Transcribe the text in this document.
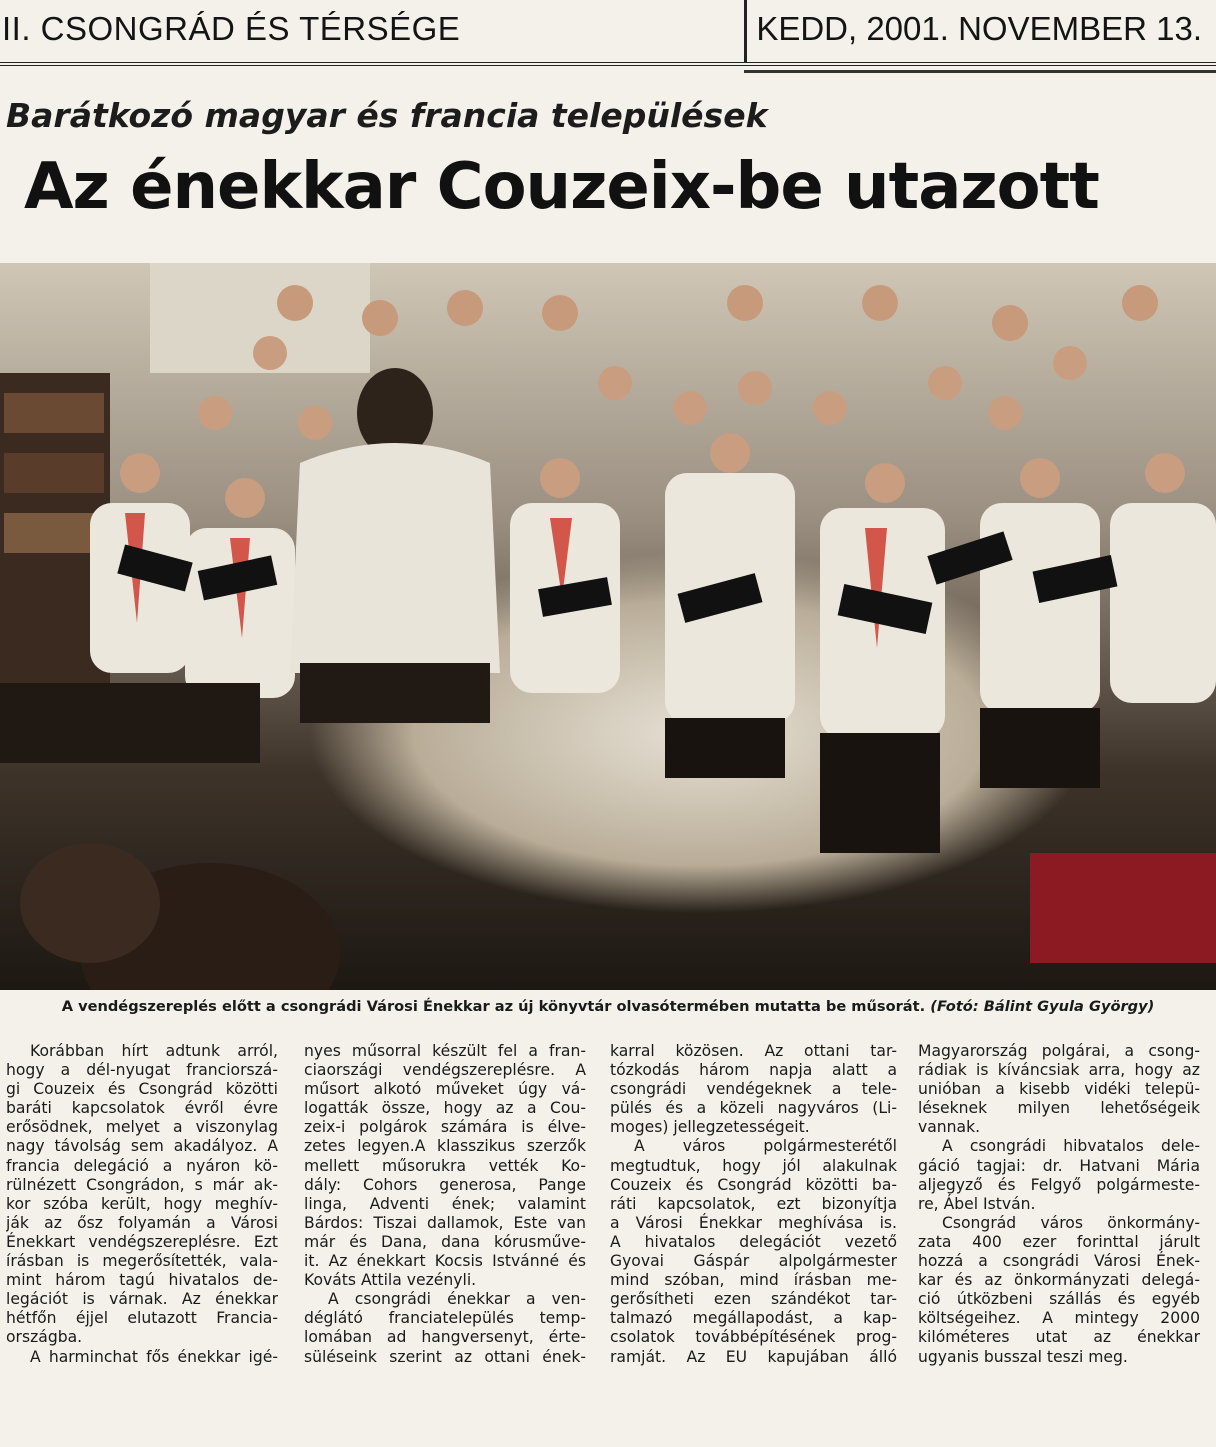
II. CSONGRÁD ÉS TÉRSÉGE	KEDD, 2001. NOVEMBER 13.
Barátkozó magyar és francia települések
Az énekkar Couzeix-be utazott
A vendégszereplés előtt a csongrádi Városi Énekkar az új könyvtár olvasótermében mutatta be műsorát. (Fotó: Bálint Gyula György)
Korábban hírt adtunk arról,
hogy a dél-nyugat franciorszá-
gi Couzeix és Csongrád közötti
baráti kapcsolatok évről évre
erősödnek, melyet a viszonylag
nagy távolság sem akadályoz. A
francia delegáció a nyáron kö-
rülnézett Csongrádon, s már ak-
kor szóba került, hogy meghív-
ják az ősz folyamán a Városi
Énekkart vendégszereplésre. Ezt
írásban is megerősítették, vala-
mint három tagú hivatalos de-
legációt is várnak. Az énekkar
hétfőn éjjel elutazott Francia-
országba.
A harminchat fős énekkar igé-
nyes műsorral készült fel a fran-
ciaországi vendégszereplésre. A
műsort alkotó műveket úgy vá-
logatták össze, hogy az a Cou-
zeix-i polgárok számára is élve-
zetes legyen.A klasszikus szerzők
mellett műsorukra vették Ko-
dály: Cohors generosa, Pange
linga, Adventi ének; valamint
Bárdos: Tiszai dallamok, Este van
már és Dana, dana kórusműve-
it. Az énekkart Kocsis Istvánné és
Kováts Attila vezényli.
A csongrádi énekkar a ven-
déglátó franciatelepülés temp-
lomában ad hangversenyt, érte-
süléseink szerint az ottani ének-
karral közösen. Az ottani tar-
tózkodás három napja alatt a
csongrádi vendégeknek a tele-
pülés és a közeli nagyváros (Li-
moges) jellegzetességeit.
A város polgármesterétől
megtudtuk, hogy jól alakulnak
Couzeix és Csongrád közötti ba-
ráti kapcsolatok, ezt bizonyítja
a Városi Énekkar meghívása is.
A hivatalos delegációt vezető
Gyovai Gáspár alpolgármester
mind szóban, mind írásban me-
gerősítheti ezen szándékot tar-
talmazó megállapodást, a kap-
csolatok továbbépítésének prog-
ramját. Az EU kapujában álló
Magyarország polgárai, a csong-
rádiak is kíváncsiak arra, hogy az
unióban a kisebb vidéki telepü-
léseknek milyen lehetőségeik
vannak.
A csongrádi hibvatalos dele-
gáció tagjai: dr. Hatvani Mária
aljegyző és Felgyő polgármeste-
re, Ábel István.
Csongrád város önkormány-
zata 400 ezer forinttal járult
hozzá a csongrádi Városi Ének-
kar és az önkormányzati delegá-
ció útközbeni szállás és egyéb
költségeihez. A mintegy 2000
kilóméteres utat az énekkar
ugyanis busszal teszi meg.
